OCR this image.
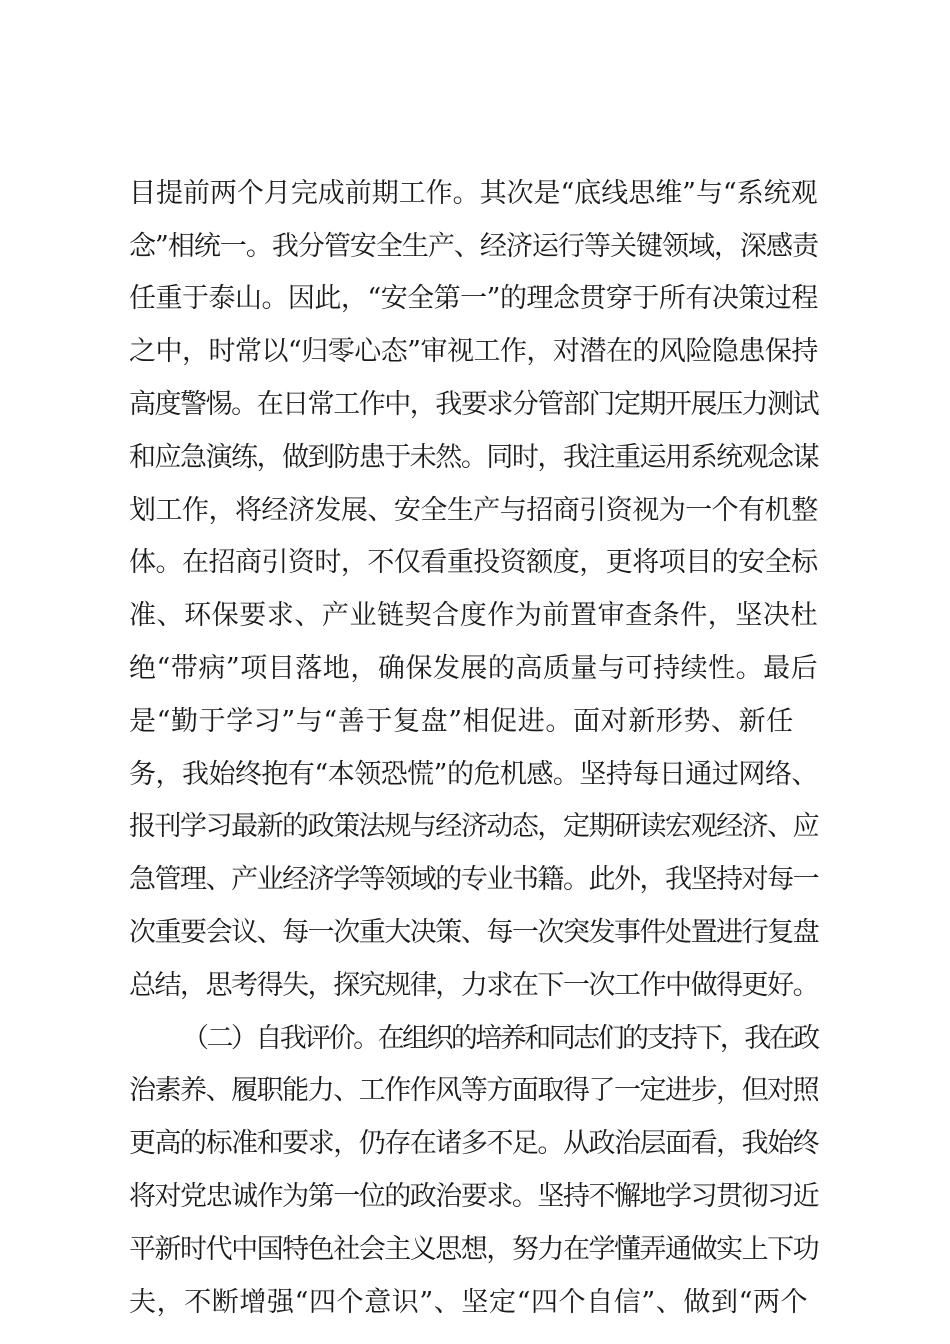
目提前两个月完成前期工作。其次是“底线思维”与“系统观
念”相统一。我分管安全生产、经济运行等关键领域，深感责
任重于泰山。因此，“安全第一”的理念贯穿于所有决策过程
之中，时常以“归零心态”审视工作，对潜在的风险隐患保持
高度警惕。在日常工作中，我要求分管部门定期开展压力测试
和应急演练，做到防患于未然。同时，我注重运用系统观念谋
划工作，将经济发展、安全生产与招商引资视为一个有机整
体。在招商引资时，不仅看重投资额度，更将项目的安全标
准、环保要求、产业链契合度作为前置审查条件，坚决杜
绝“带病”项目落地，确保发展的高质量与可持续性。最后
是“勤于学习”与“善于复盘”相促进。面对新形势、新任
务，我始终抱有“本领恐慌”的危机感。坚持每日通过网络、
报刊学习最新的政策法规与经济动态，定期研读宏观经济、应
急管理、产业经济学等领域的专业书籍。此外，我坚持对每一
次重要会议、每一次重大决策、每一次突发事件处置进行复盘
总结，思考得失，探究规律，力求在下一次工作中做得更好。
（二）自我评价。在组织的培养和同志们的支持下，我在政
治素养、履职能力、工作作风等方面取得了一定进步，但对照
更高的标准和要求，仍存在诸多不足。从政治层面看，我始终
将对党忠诚作为第一位的政治要求。坚持不懈地学习贯彻习近
平新时代中国特色社会主义思想，努力在学懂弄通做实上下功
夫，不断增强“四个意识”、坚定“四个自信”、做到“两个
